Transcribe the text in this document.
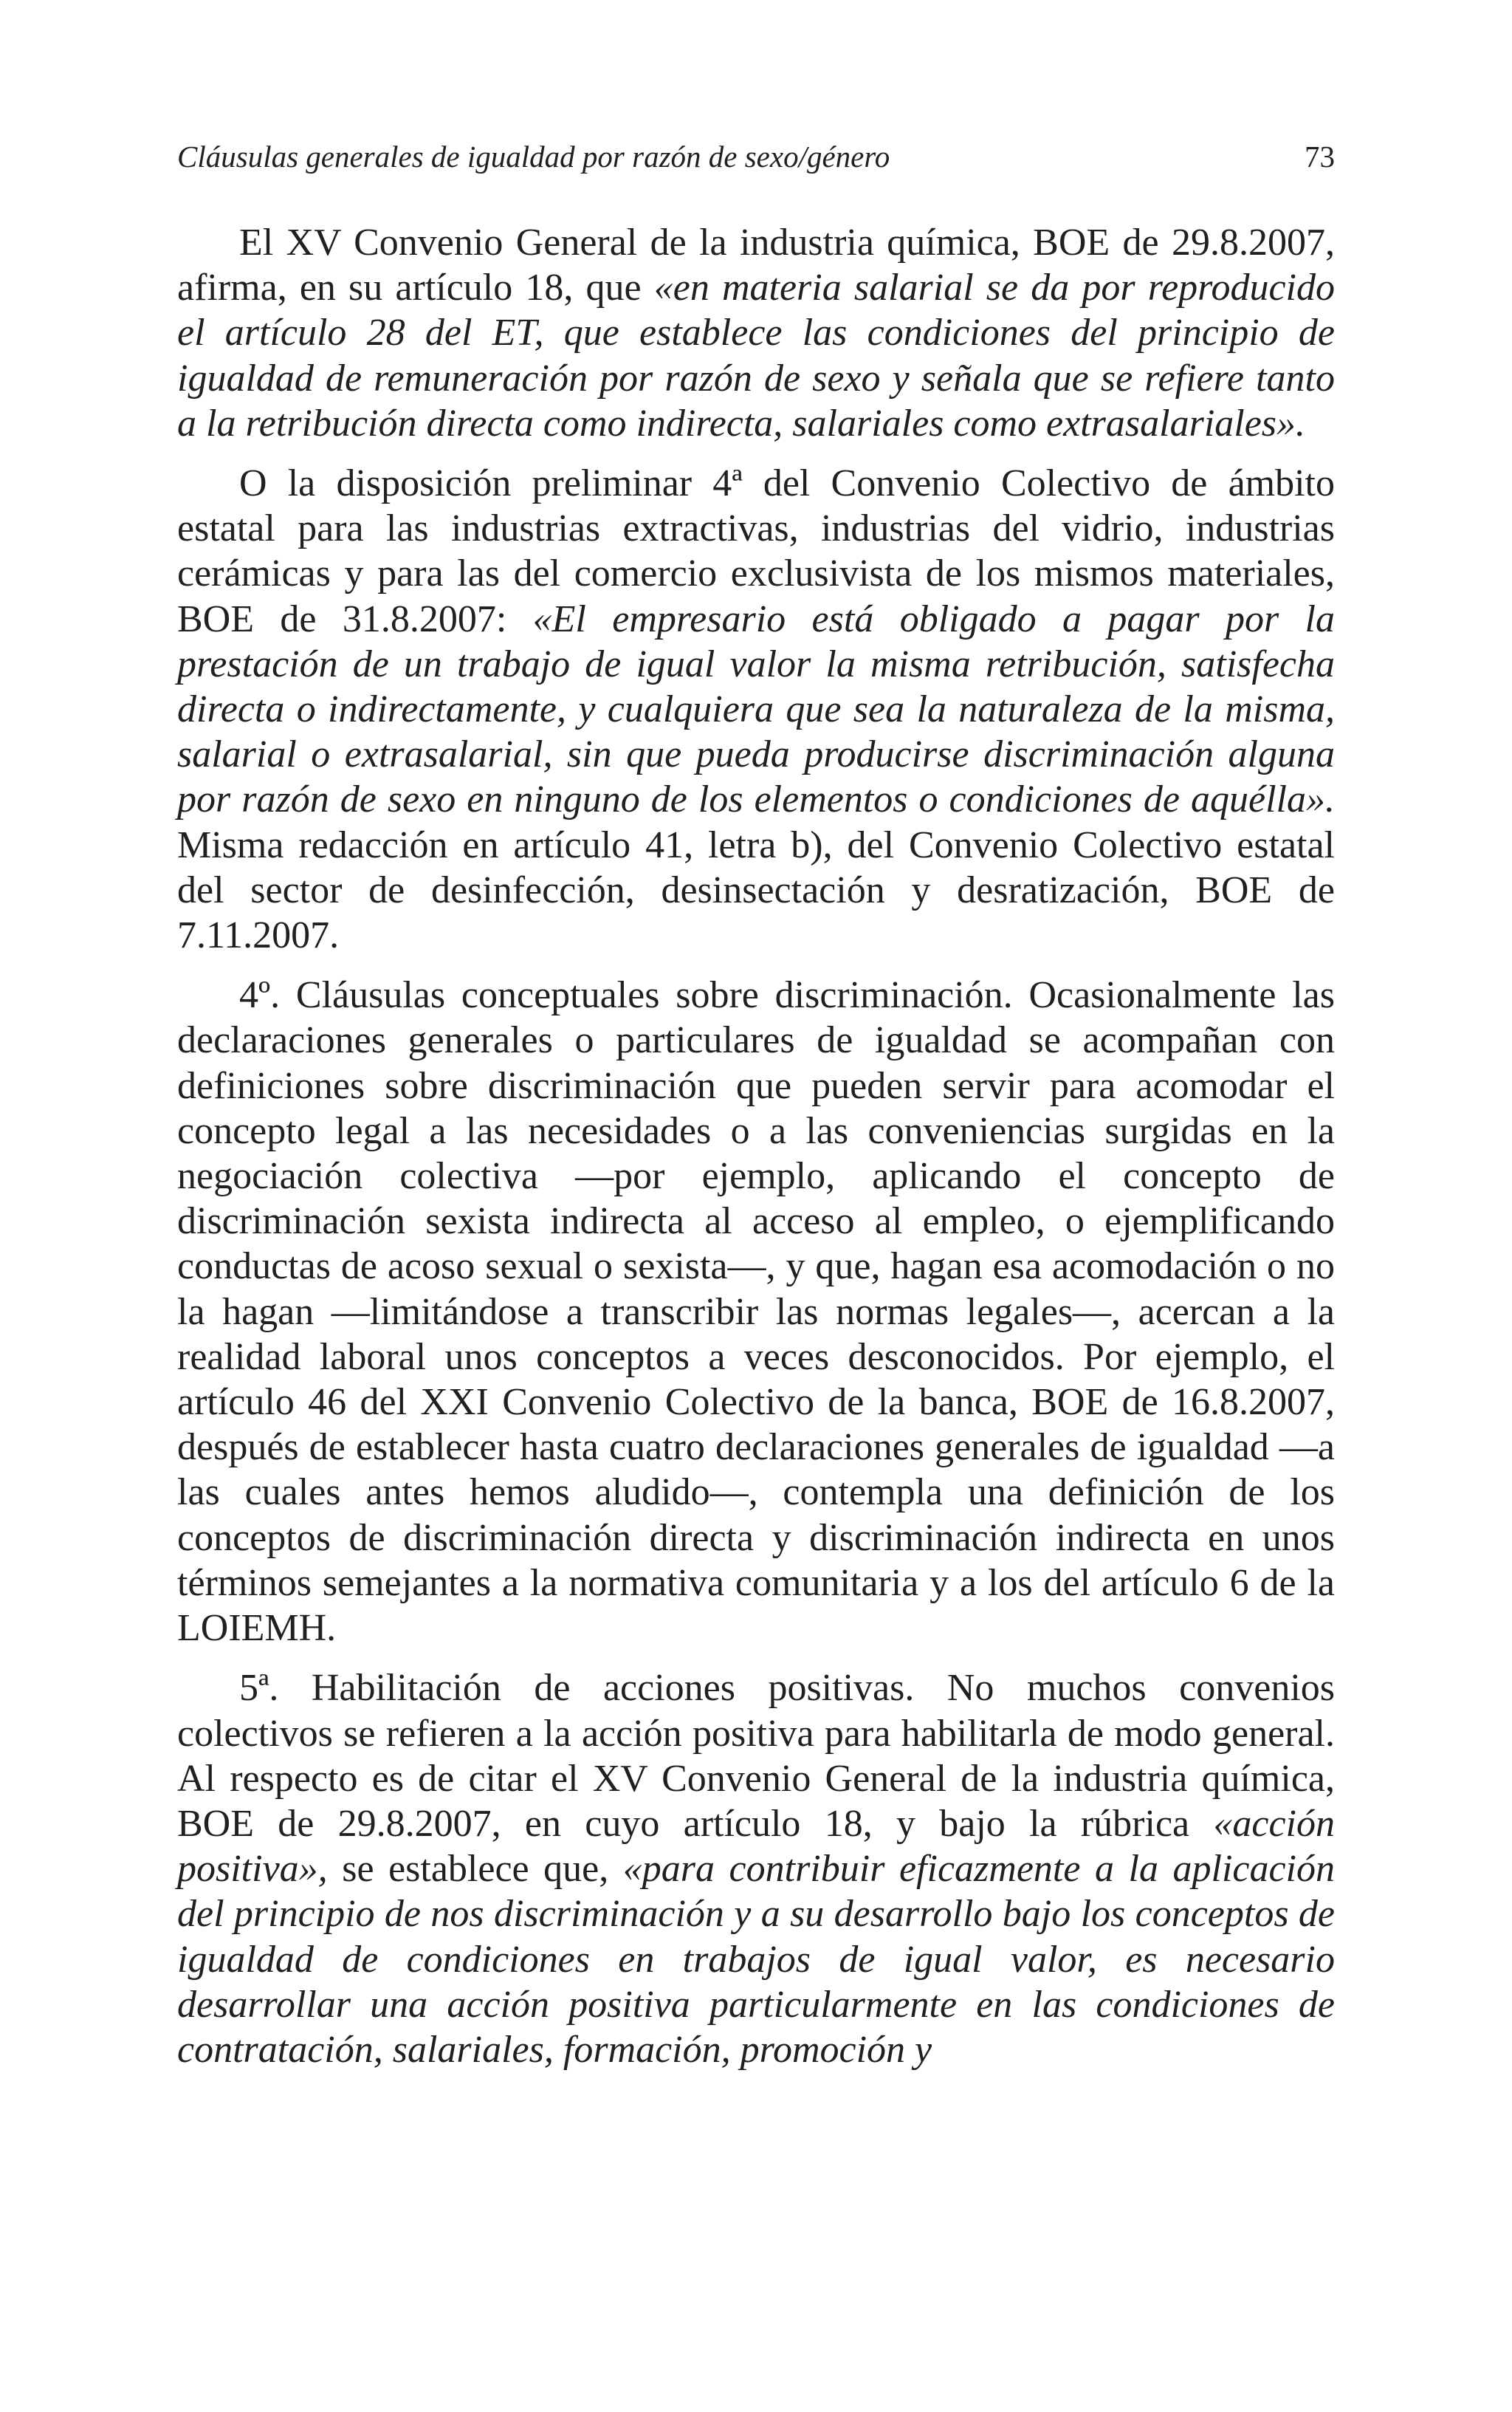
Cláusulas generales de igualdad por razón de sexo/género	73

El XV Convenio General de la industria química, BOE de 29.8.2007, afirma, en su artículo 18, que «en materia salarial se da por reproducido el artículo 28 del ET, que establece las condiciones del principio de igualdad de remuneración por razón de sexo y señala que se refiere tanto a la retribución directa como indirecta, salariales como extrasalariales».

O la disposición preliminar 4ª del Convenio Colectivo de ámbito estatal para las industrias extractivas, industrias del vidrio, industrias cerámicas y para las del comercio exclusivista de los mismos materiales, BOE de 31.8.2007: «El empresario está obligado a pagar por la prestación de un trabajo de igual valor la misma retribución, satisfecha directa o indirectamente, y cualquiera que sea la naturaleza de la misma, salarial o extrasalarial, sin que pueda producirse discriminación alguna por razón de sexo en ninguno de los elementos o condiciones de aquélla». Misma redacción en artículo 41, letra b), del Convenio Colectivo estatal del sector de desinfección, desinsectación y desratización, BOE de 7.11.2007.

4º. Cláusulas conceptuales sobre discriminación. Ocasionalmente las declaraciones generales o particulares de igualdad se acompañan con definiciones sobre discriminación que pueden servir para acomodar el concepto legal a las necesidades o a las conveniencias surgidas en la negociación colectiva —por ejemplo, aplicando el concepto de discriminación sexista indirecta al acceso al empleo, o ejemplificando conductas de acoso sexual o sexista—, y que, hagan esa acomodación o no la hagan —limitándose a transcribir las normas legales—, acercan a la realidad laboral unos conceptos a veces desconocidos. Por ejemplo, el artículo 46 del XXI Convenio Colectivo de la banca, BOE de 16.8.2007, después de establecer hasta cuatro declaraciones generales de igualdad —a las cuales antes hemos aludido—, contempla una definición de los conceptos de discriminación directa y discriminación indirecta en unos términos semejantes a la normativa comunitaria y a los del artículo 6 de la LOIEMH.

5ª. Habilitación de acciones positivas. No muchos convenios colectivos se refieren a la acción positiva para habilitarla de modo general. Al respecto es de citar el XV Convenio General de la industria química, BOE de 29.8.2007, en cuyo artículo 18, y bajo la rúbrica «acción positiva», se establece que, «para contribuir eficazmente a la aplicación del principio de nos discriminación y a su desarrollo bajo los conceptos de igualdad de condiciones en trabajos de igual valor, es necesario desarrollar una acción positiva particularmente en las condiciones de contratación, salariales, formación, promoción y
